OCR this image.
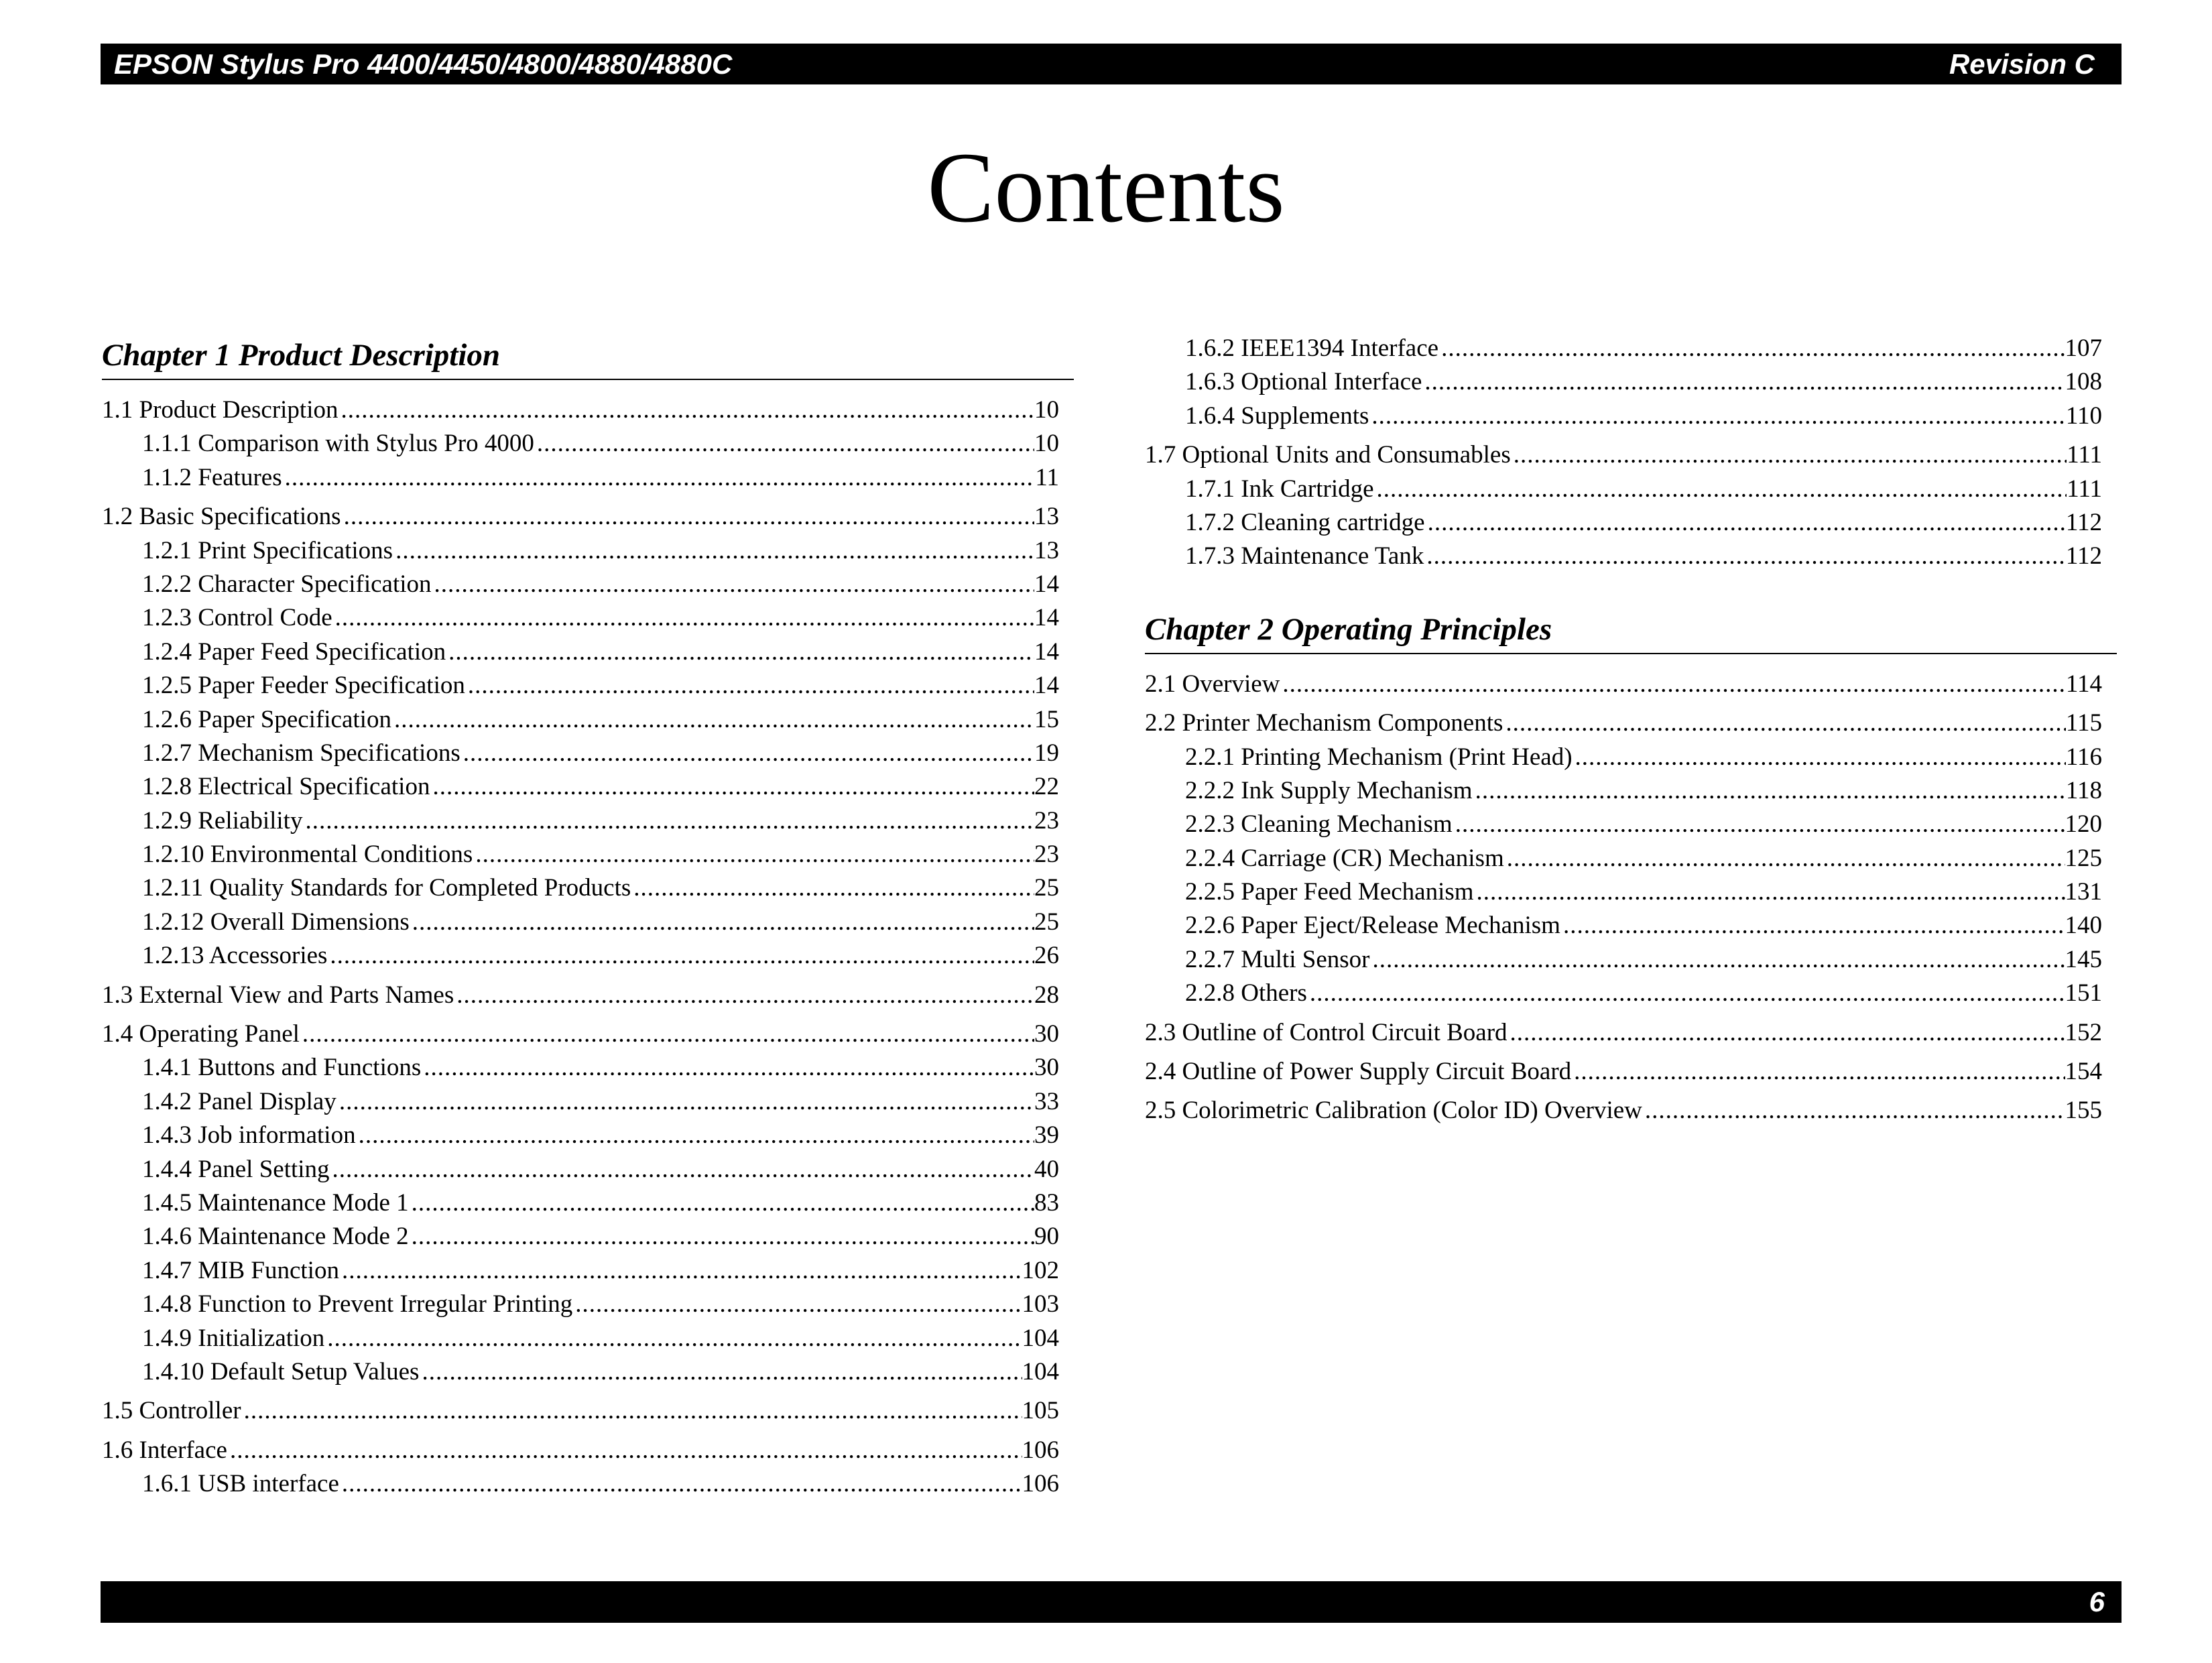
EPSON Stylus Pro 4400/4450/4800/4880/4880C	Revision C
Contents
Chapter 1 Product Description
1.1 Product Description .....	10
1.1.1 Comparison with Stylus Pro 4000 .....	10
1.1.2 Features .....	11
1.2 Basic Specifications .....	13
1.2.1 Print Specifications .....	13
1.2.2 Character Specification .....	14
1.2.3 Control Code .....	14
1.2.4 Paper Feed Specification .....	14
1.2.5 Paper Feeder Specification .....	14
1.2.6 Paper Specification .....	15
1.2.7 Mechanism Specifications .....	19
1.2.8 Electrical Specification .....	22
1.2.9 Reliability .....	23
1.2.10 Environmental Conditions .....	23
1.2.11 Quality Standards for Completed Products .....	25
1.2.12 Overall Dimensions .....	25
1.2.13 Accessories .....	26
1.3 External View and Parts Names .....	28
1.4 Operating Panel .....	30
1.4.1 Buttons and Functions .....	30
1.4.2 Panel Display .....	33
1.4.3 Job information .....	39
1.4.4 Panel Setting .....	40
1.4.5 Maintenance Mode 1 .....	83
1.4.6 Maintenance Mode 2 .....	90
1.4.7 MIB Function .....	102
1.4.8 Function to Prevent Irregular Printing .....	103
1.4.9 Initialization .....	104
1.4.10 Default Setup Values .....	104
1.5 Controller .....	105
1.6 Interface .....	106
1.6.1 USB interface .....	106
1.6.2 IEEE1394 Interface .....	107
1.6.3 Optional Interface .....	108
1.6.4 Supplements .....	110
1.7 Optional Units and Consumables .....	111
1.7.1 Ink Cartridge .....	111
1.7.2 Cleaning cartridge .....	112
1.7.3 Maintenance Tank .....	112
Chapter 2 Operating Principles
2.1 Overview .....	114
2.2 Printer Mechanism Components .....	115
2.2.1 Printing Mechanism (Print Head) .....	116
2.2.2 Ink Supply Mechanism .....	118
2.2.3 Cleaning Mechanism .....	120
2.2.4 Carriage (CR) Mechanism .....	125
2.2.5 Paper Feed Mechanism .....	131
2.2.6 Paper Eject/Release Mechanism .....	140
2.2.7 Multi Sensor .....	145
2.2.8 Others .....	151
2.3 Outline of Control Circuit Board .....	152
2.4 Outline of Power Supply Circuit Board .....	154
2.5 Colorimetric Calibration (Color ID) Overview .....	155
6
